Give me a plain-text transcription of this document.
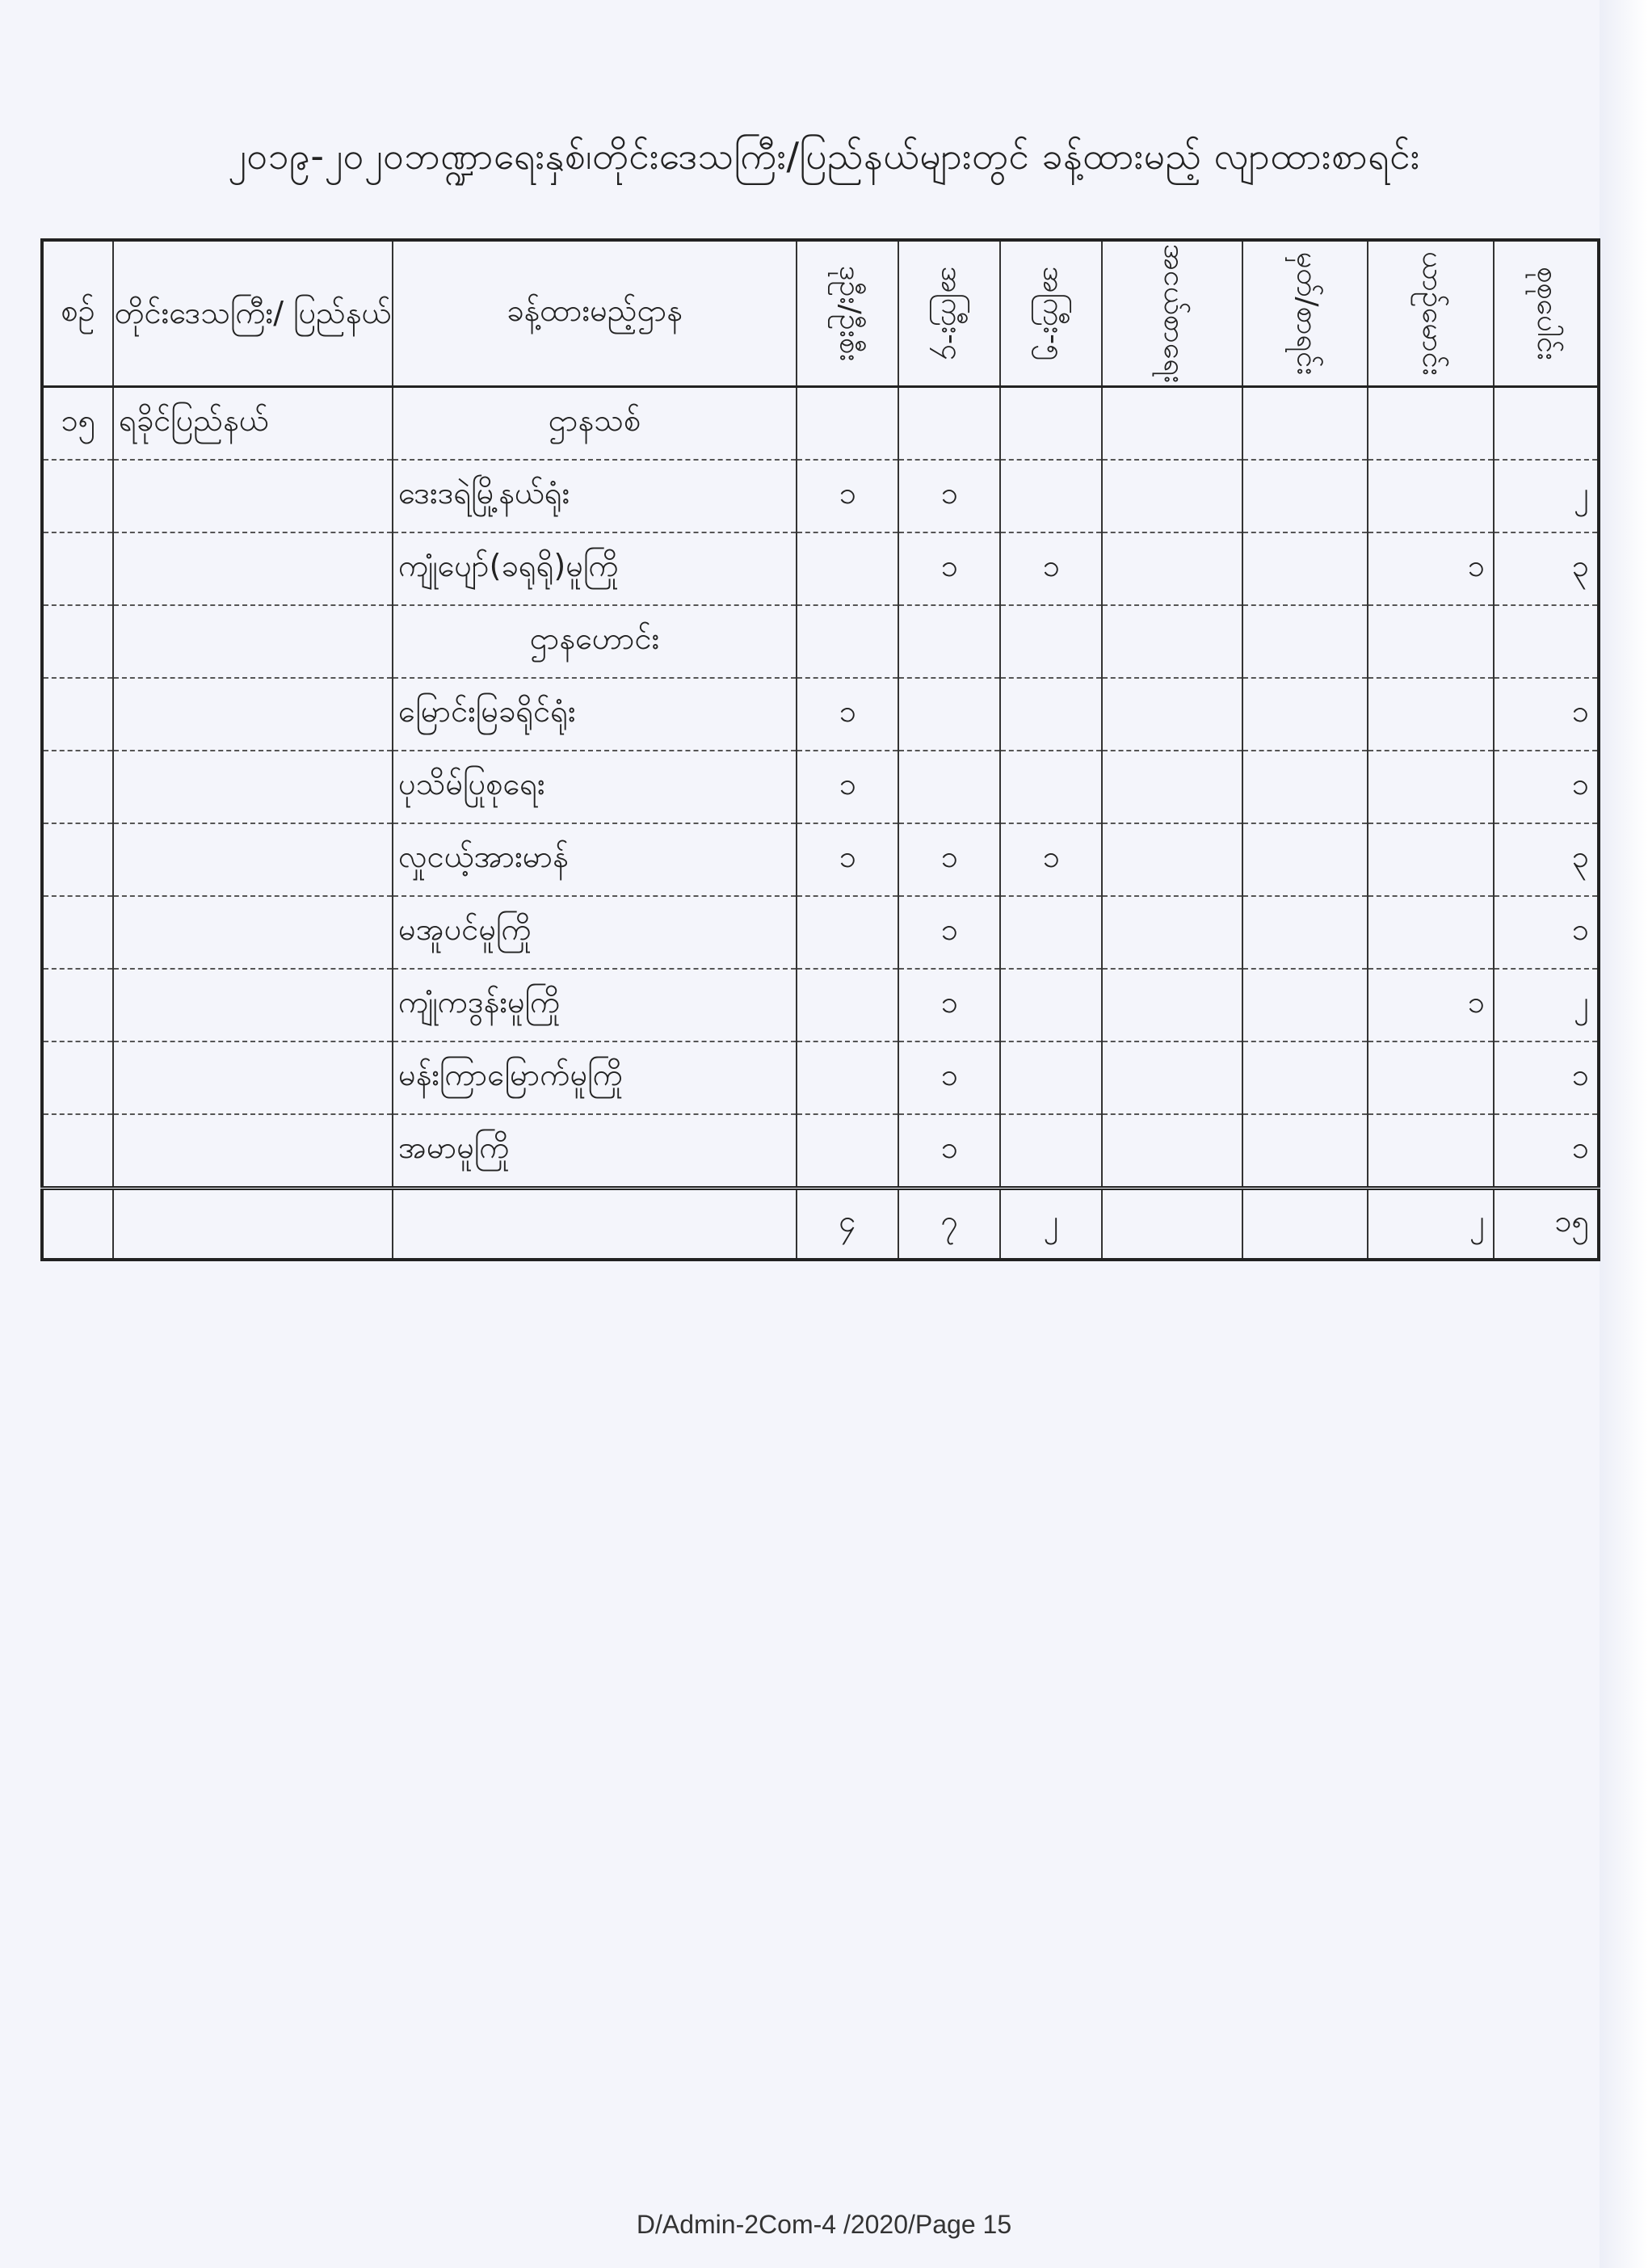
၂၀၁၉-၂၀၂၀ဘဏ္ဍာရေးနှစ်၊တိုင်းဒေသကြီး/ပြည်နယ်များတွင် ခန့်ထားမည့် လျာထားစာရင်း
စဉ်	တိုင်းဒေသကြီး/ ပြည်နယ်	ခန့်ထားမည့်ဌာန	ဒုဦး/ဦးစီး	အကြီး-၄	အကြီး-၅	အငယ်စာရေး	မှတ်/စာရင်း	ယာဉ်မောင်း	စုစုပေါင်း
၁၅	ရခိုင်ပြည်နယ်	ဌာနသစ်							
		ဒေးဒရဲမြို့နယ်ရုံး	၁	၁					၂
		ကျုံပျော်(ခရုရို)မူကြို		၁	၁			၁	၃
		ဌာနဟောင်း							
		မြောင်းမြခရိုင်ရုံး	၁						၁
		ပုသိမ်ပြုစုရေး	၁						၁
		လှုငယ့်အားမာန်	၁	၁	၁				၃
		မအူပင်မူကြို		၁					၁
		ကျုံကဒွန်းမူကြို		၁				၁	၂
		မန်းကြာမြောက်မူကြို		၁					၁
		အမာမူကြို		၁					၁
			၄	၇	၂			၂	၁၅
D/Admin-2Com-4 /2020/Page 15
